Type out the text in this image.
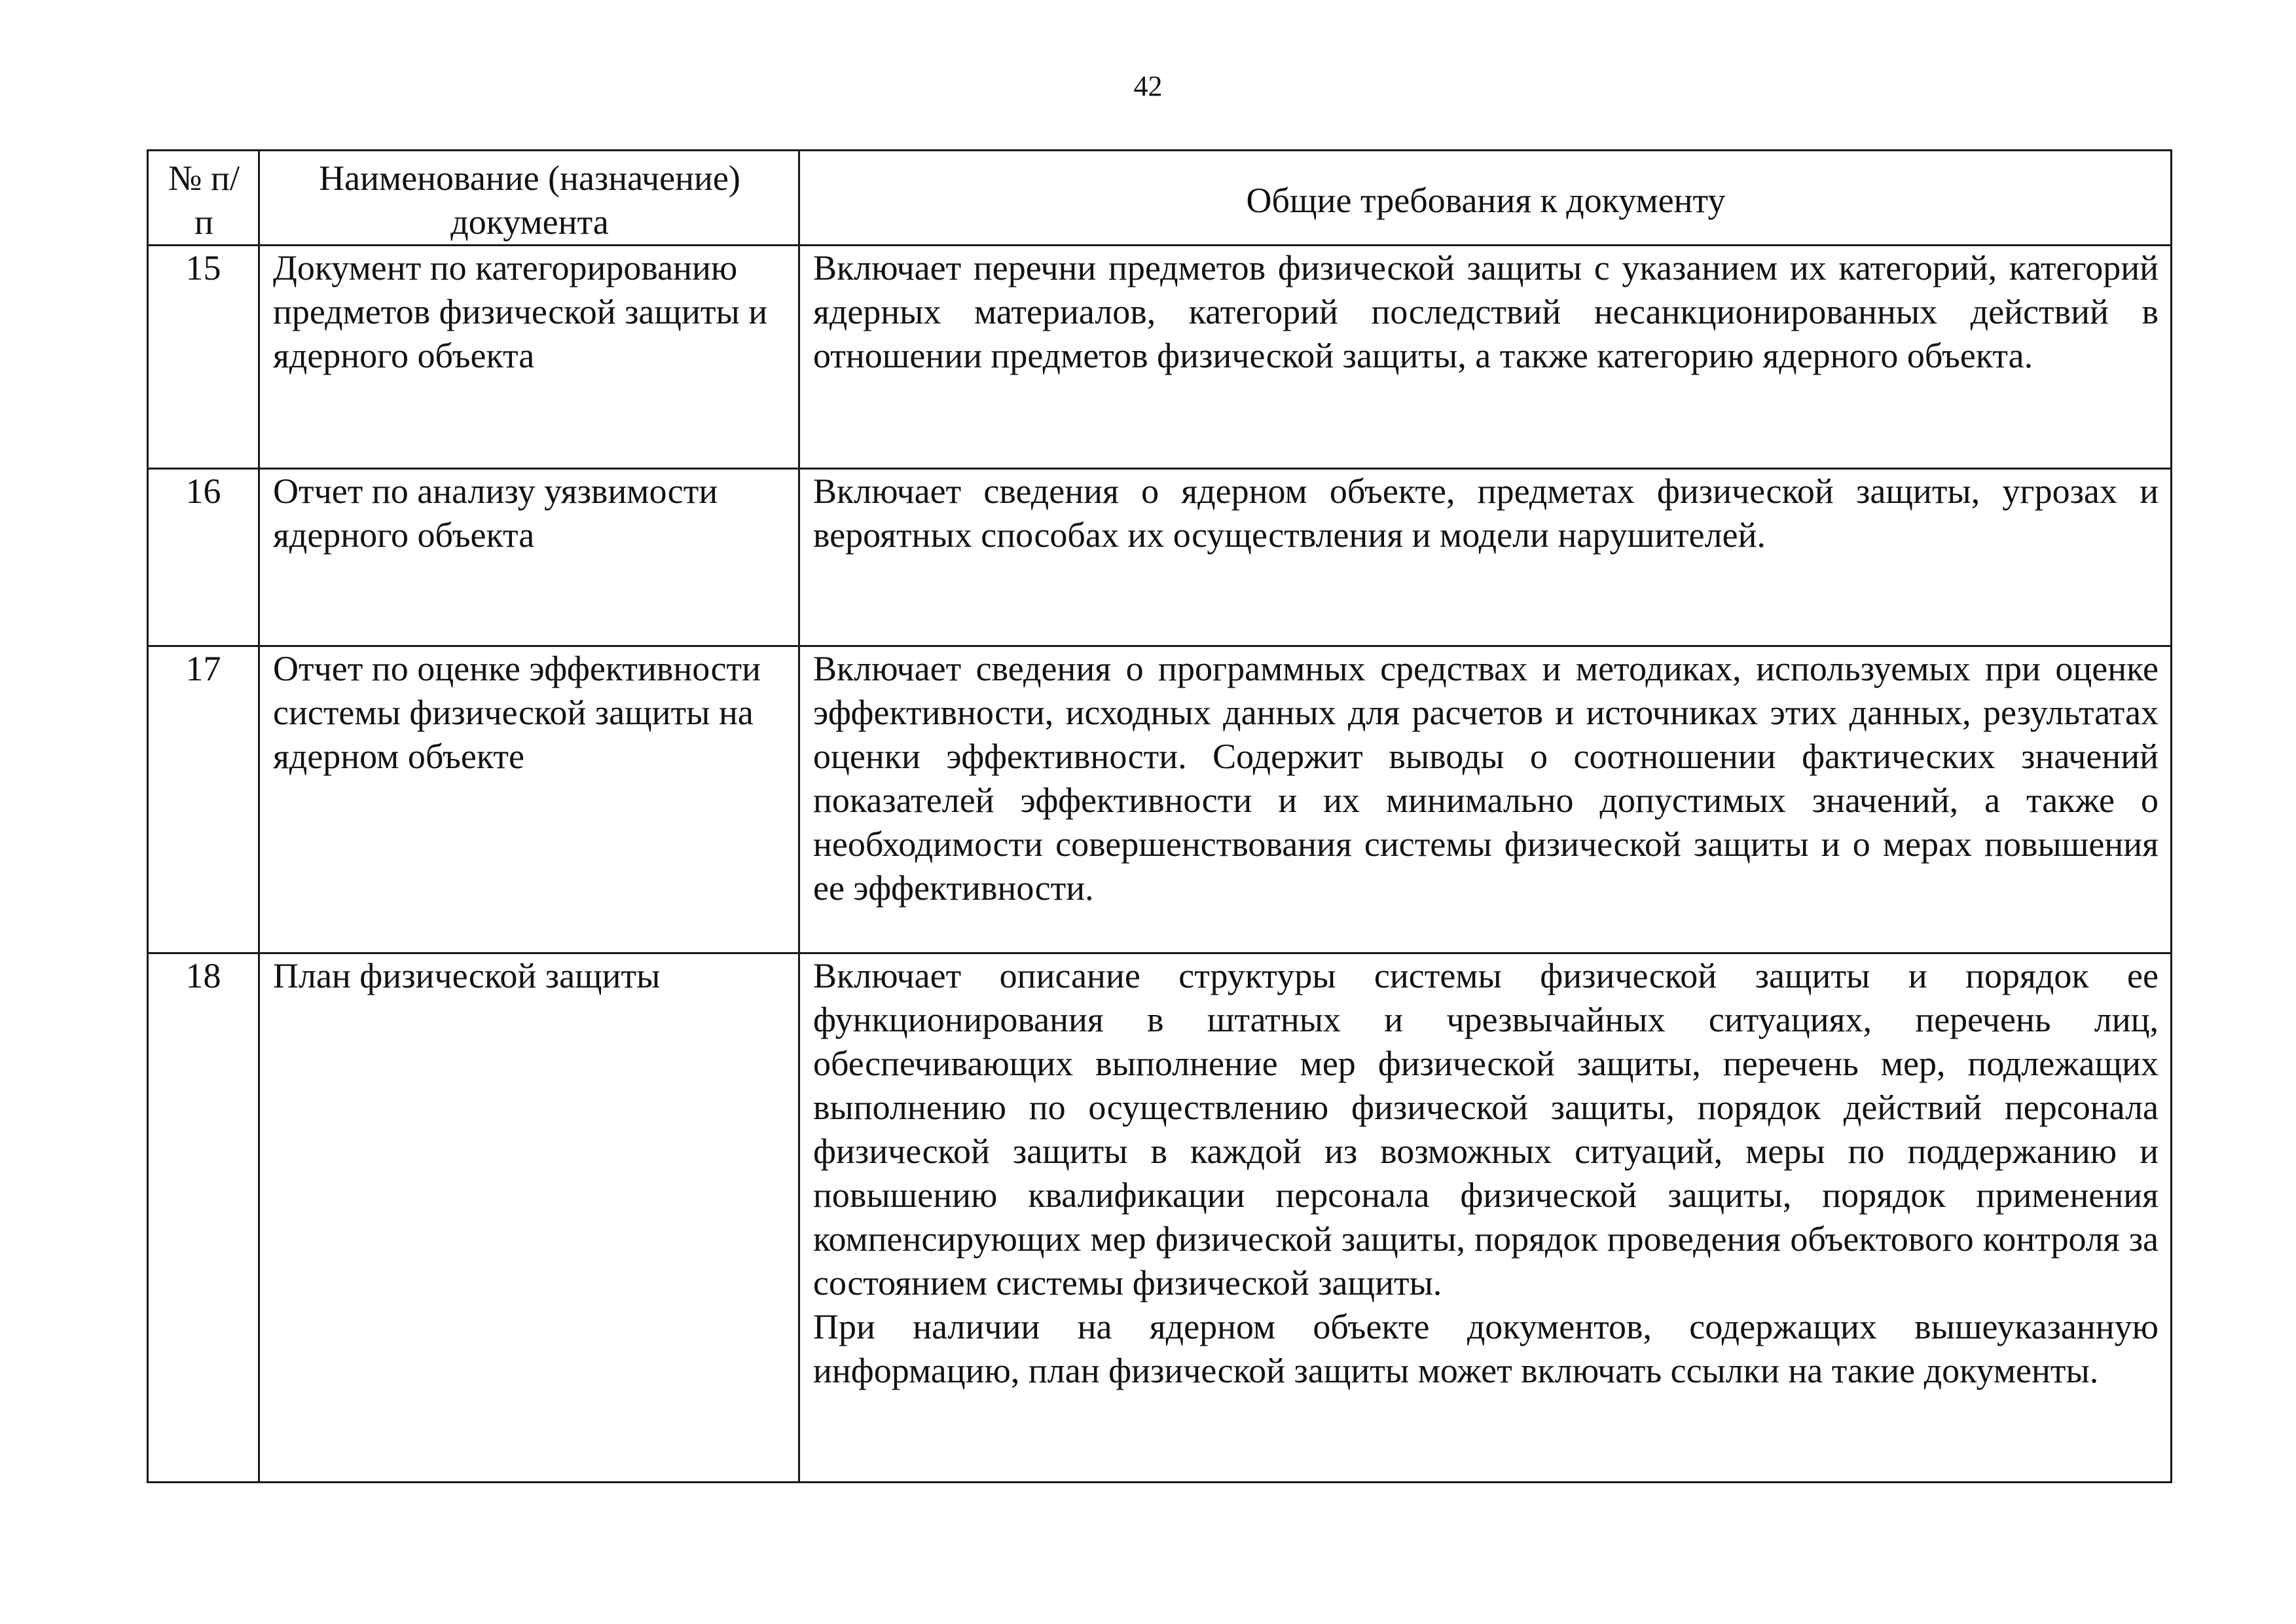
42
№ п/п	Наименование (назначение) документа	Общие требования к документу
15	Документ по категорированию предметов физической защиты и ядерного объекта	Включает перечни предметов физической защиты с указанием их категорий, категорий ядерных материалов, категорий последствий несанкционированных действий в отношении предметов физической защиты, а также категорию ядерного объекта.

16	Отчет по анализу уязвимости ядерного объекта	Включает сведения о ядерном объекте, предметах физической защиты, угрозах и вероятных способах их осуществления и модели нарушителей.

17	Отчет по оценке эффективности системы физической защиты на ядерном объекте	Включает сведения о программных средствах и методиках, используемых при оценке эффективности, исходных данных для расчетов и источниках этих данных, результатах оценки эффективности. Содержит выводы о соотношении фактических значений показателей эффективности и их минимально допустимых значений, а также о необходимости совершенствования системы физической защиты и о мерах повышения ее эффективности.

18	План физической защиты	Включает описание структуры системы физической защиты и порядок ее функционирования в штатных и чрезвычайных ситуациях, перечень лиц, обеспечивающих выполнение мер физической защиты, перечень мер, подлежащих выполнению по осуществлению физической защиты, порядок действий персонала физической защиты в каждой из возможных ситуаций, меры по поддержанию и повышению квалификации персонала физической защиты, порядок применения компенсирующих мер физической защиты, порядок проведения объектового контроля за состоянием системы физической защиты.

При наличии на ядерном объекте документов, содержащих вышеуказанную информацию, план физической защиты может включать ссылки на такие документы.
